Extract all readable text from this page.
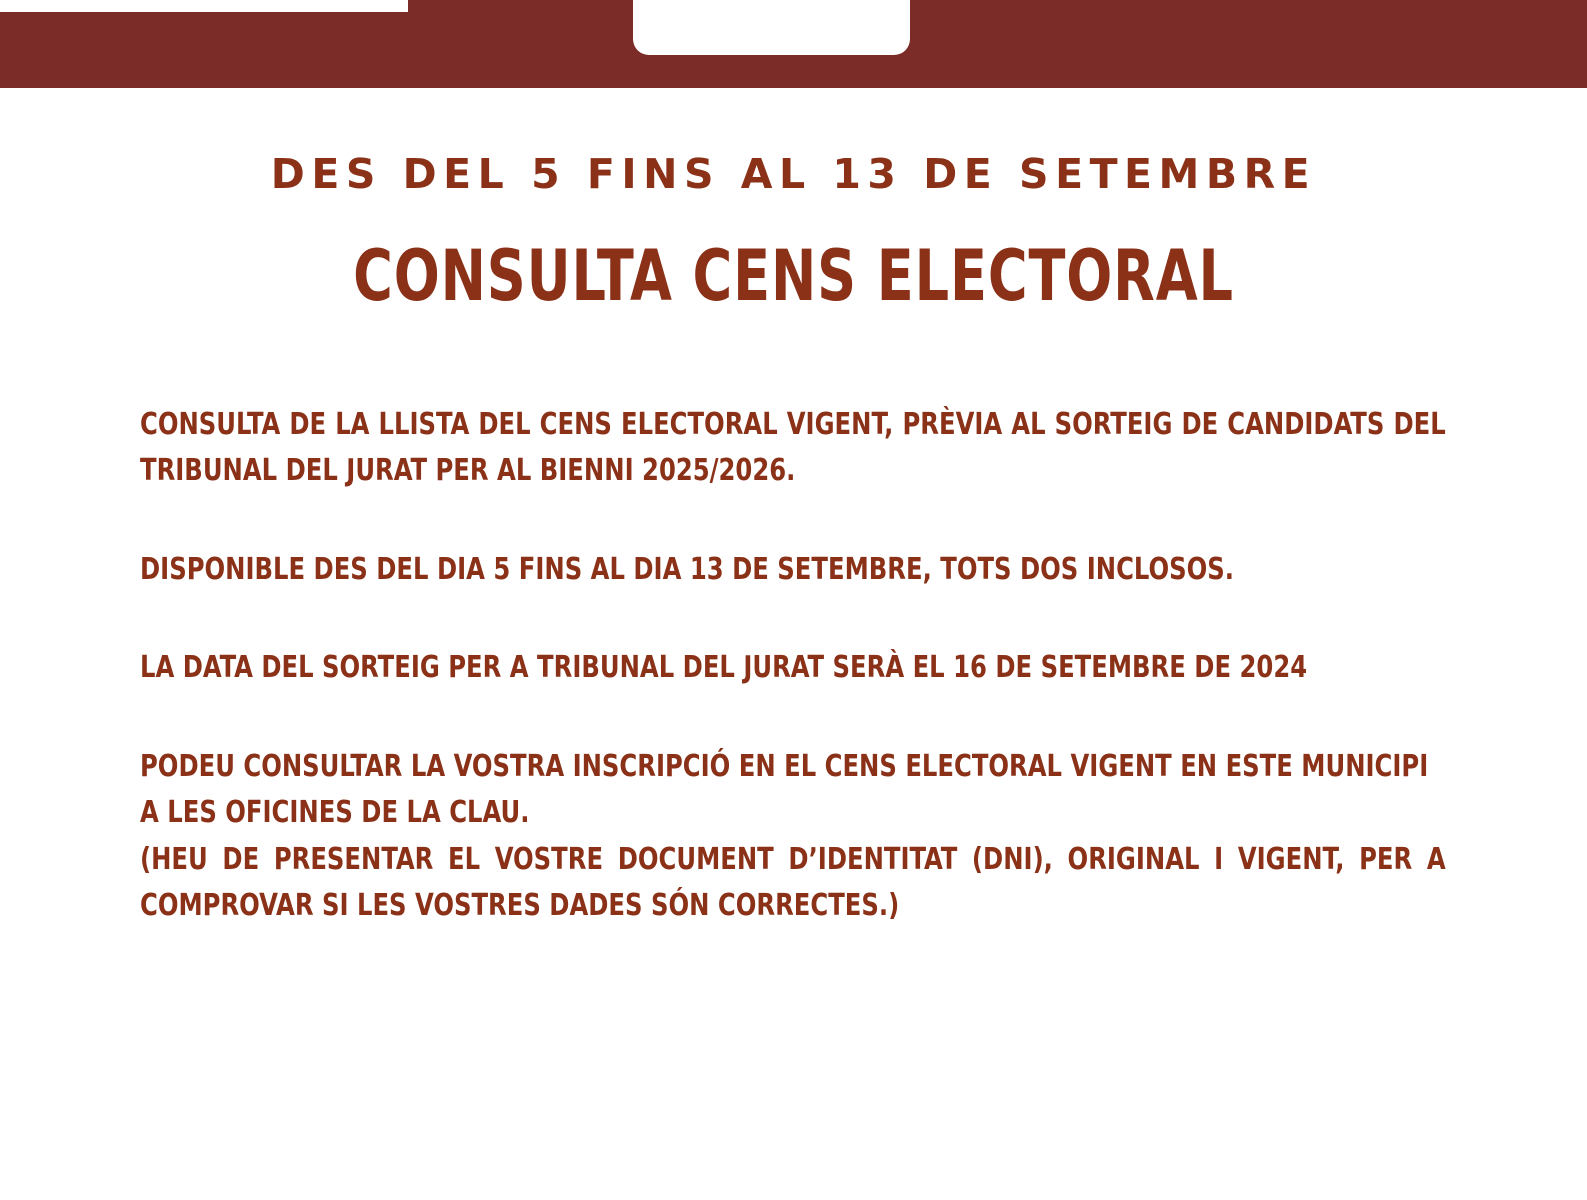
DES DEL 5 FINS AL 13 DE SETEMBRE
CONSULTA CENS ELECTORAL
CONSULTA DE LA LLISTA DEL CENS ELECTORAL VIGENT, PRÈVIA AL SORTEIG DE CANDIDATS DEL TRIBUNAL DEL JURAT PER AL BIENNI 2025/2026.
DISPONIBLE DES DEL DIA 5 FINS AL DIA 13 DE SETEMBRE, TOTS DOS INCLOSOS.
LA DATA DEL SORTEIG PER A TRIBUNAL DEL JURAT SERÀ EL 16 DE SETEMBRE DE 2024
PODEU CONSULTAR LA VOSTRA INSCRIPCIÓ EN EL CENS ELECTORAL VIGENT EN ESTE MUNICIPI A LES OFICINES DE LA CLAU.
(HEU DE PRESENTAR EL VOSTRE DOCUMENT D’IDENTITAT (DNI), ORIGINAL I VIGENT, PER A COMPROVAR SI LES VOSTRES DADES SÓN CORRECTES.)
